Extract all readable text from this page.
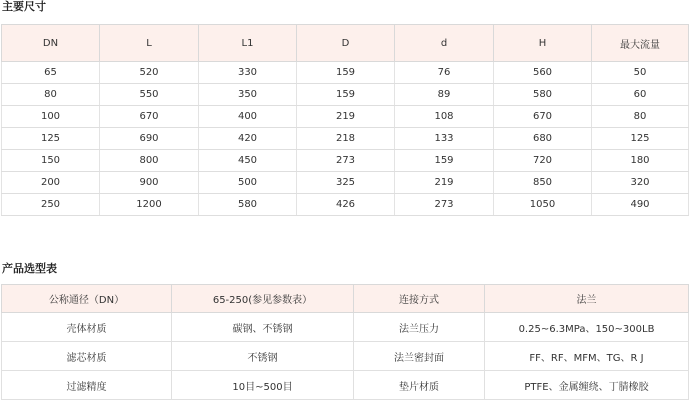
主要尺寸
DN	L	L1	D	d	H	最大流量
65	520	330	159	76	560	50
80	550	350	159	89	580	60
100	670	400	219	108	670	80
125	690	420	218	133	680	125
150	800	450	273	159	720	180
200	900	500	325	219	850	320
250	1200	580	426	273	1050	490
产品选型表
公称通径（DN）	65-250(参见参数表）	连接方式	法兰
壳体材质	碳钢、不锈钢	法兰压力	0.25~6.3MPa、150~300LB
滤芯材质	不锈钢	法兰密封面	FF、RF、MFM、TG、R J
过滤精度	10目~500目	垫片材质	PTFE、金属缠绕、丁腈橡胶
